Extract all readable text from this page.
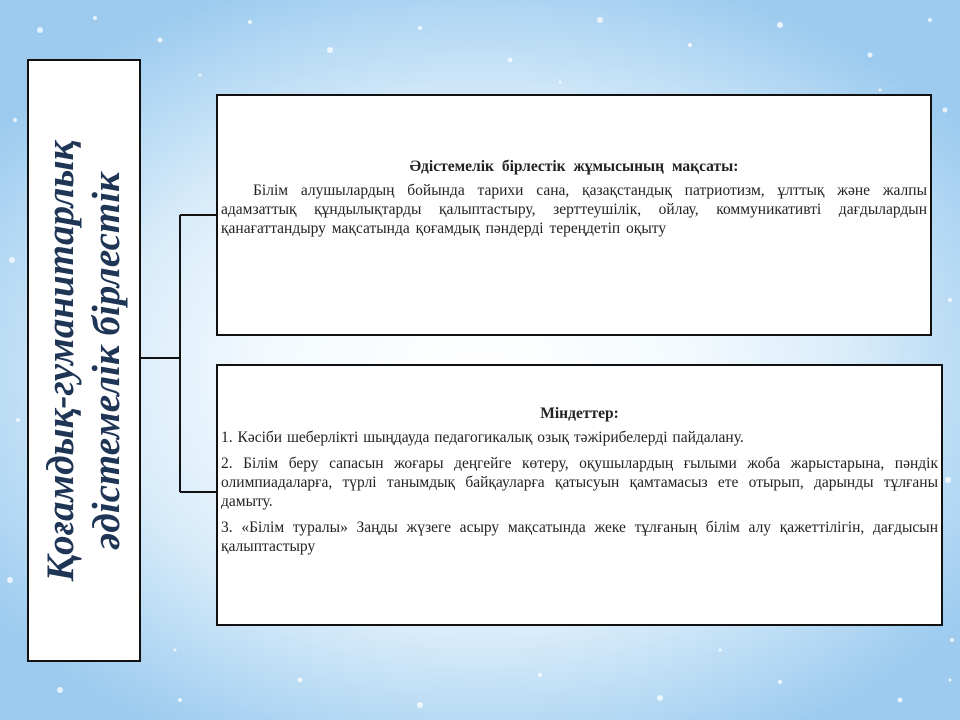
Қоғамдық-гуманитарлық әдістемелік бірлестік
Әдістемелік бірлестік жұмысының мақсаты:
Білім алушылардың бойында тарихи сана, қазақстандық патриотизм, ұлттық және жалпы адамзаттық құндылықтарды қалыптастыру, зерттеушілік, ойлау, коммуникативті дағдылардын қанағаттандыру мақсатында қоғамдық пәндерді тереңдетіп оқыту
Міндеттер:
1. Кәсіби шеберлікті шыңдауда педагогикалық озық тәжірибелерді пайдалану.
2. Білім беру сапасын жоғары деңгейге көтеру, оқушылардың ғылыми жоба жарыстарына, пәндік олимпиадаларға, түрлі танымдық байқауларға қатысуын қамтамасыз ете отырып, дарынды тұлғаны дамыту.
3. «Білім туралы» Заңды жүзеге асыру мақсатында жеке тұлғаның білім алу қажеттілігін, дағдысын қалыптастыру
